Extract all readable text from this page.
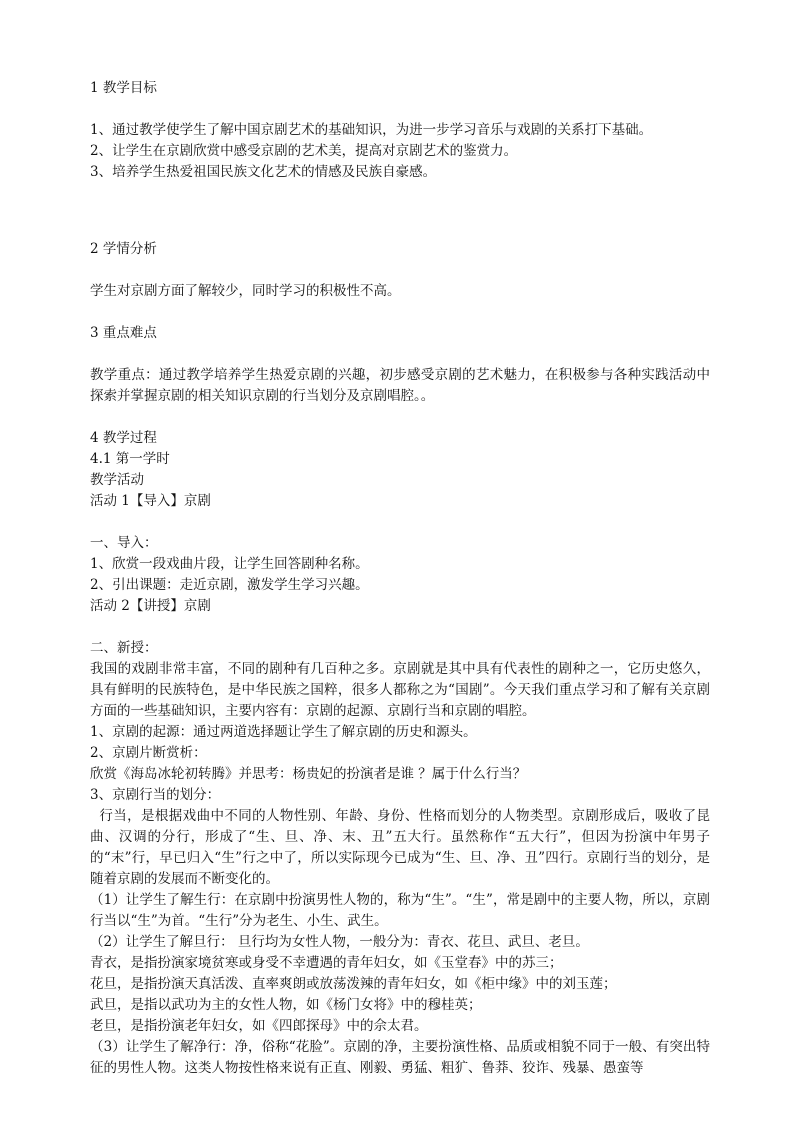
1 教学目标
1、通过教学使学生了解中国京剧艺术的基础知识，为进一步学习音乐与戏剧的关系打下基础。
2、让学生在京剧欣赏中感受京剧的艺术美，提高对京剧艺术的鉴赏力。
3、培养学生热爱祖国民族文化艺术的情感及民族自豪感。
2 学情分析
学生对京剧方面了解较少，同时学习的积极性不高。
3 重点难点
教学重点：通过教学培养学生热爱京剧的兴趣，初步感受京剧的艺术魅力，在积极参与各种实践活动中探索并掌握京剧的相关知识京剧的行当划分及京剧唱腔。。
4 教学过程
4.1 第一学时
教学活动
活动 1【导入】京剧
一、导入：
1、欣赏一段戏曲片段，让学生回答剧种名称。
2、引出课题：走近京剧，激发学生学习兴趣。
活动 2【讲授】京剧
二、新授：
我国的戏剧非常丰富，不同的剧种有几百种之多。京剧就是其中具有代表性的剧种之一，它历史悠久，具有鲜明的民族特色，是中华民族之国粹，很多人都称之为“国剧”。今天我们重点学习和了解有关京剧方面的一些基础知识，主要内容有：京剧的起源、京剧行当和京剧的唱腔。
1、京剧的起源：通过两道选择题让学生了解京剧的历史和源头。
2、京剧片断赏析：
欣赏《海岛冰轮初转腾》并思考：杨贵妃的扮演者是谁 ？属于什么行当？
3、京剧行当的划分：
行当，是根据戏曲中不同的人物性别、年龄、身份、性格而划分的人物类型。京剧形成后，吸收了昆曲、汉调的分行，形成了“生、旦、净、末、丑”五大行。虽然称作“五大行”，但因为扮演中年男子的“末”行，早已归入“生”行之中了，所以实际现今已成为“生、旦、净、丑”四行。京剧行当的划分，是随着京剧的发展而不断变化的。
（1）让学生了解生行：在京剧中扮演男性人物的，称为“生”。“生”，常是剧中的主要人物，所以，京剧行当以“生”为首。“生行”分为老生、小生、武生。
（2）让学生了解旦行： 旦行均为女性人物，一般分为：青衣、花旦、武旦、老旦。
青衣，是指扮演家境贫寒或身受不幸遭遇的青年妇女，如《玉堂春》中的苏三；
花旦，是指扮演天真活泼、直率爽朗或放荡泼辣的青年妇女，如《柜中缘》中的刘玉莲；
武旦，是指以武功为主的女性人物，如《杨门女将》中的穆桂英；
老旦，是指扮演老年妇女，如《四郎探母》中的佘太君。
（3）让学生了解净行：净，俗称“花脸”。京剧的净，主要扮演性格、品质或相貌不同于一般、有突出特征的男性人物。这类人物按性格来说有正直、刚毅、勇猛、粗犷、鲁莽、狡诈、残暴、愚蛮等
